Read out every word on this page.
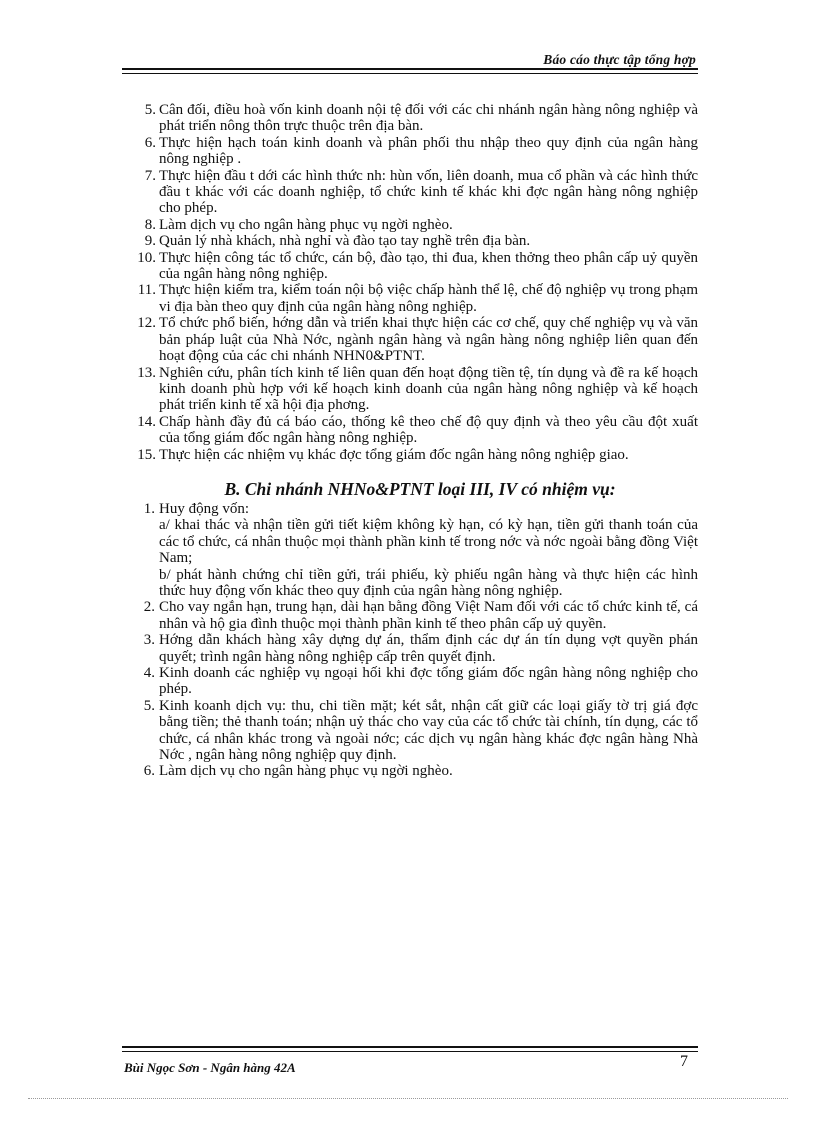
Báo cáo thực tập tổng hợp
5. Cân đối, điều hoà vốn kinh doanh nội tệ đối với các chi nhánh ngân hàng nông nghiệp và phát triển nông thôn trực thuộc trên địa bàn.
6. Thực hiện hạch toán kinh doanh và phân phối thu nhập theo quy định của ngân hàng nông nghiệp .
7. Thực hiện đầu t dới các hình thức nh: hùn vốn, liên doanh, mua cổ phần và các hình thức đầu t khác với các doanh nghiệp, tổ chức kinh tế khác khi đợc ngân hàng nông nghiệp cho phép.
8. Làm dịch vụ cho ngân hàng phục vụ ngời nghèo.
9. Quản lý nhà khách, nhà nghỉ và đào tạo tay nghề trên địa bàn.
10. Thực hiện công tác tổ chức, cán bộ, đào tạo, thi đua, khen thởng theo phân cấp uỷ quyền của ngân hàng nông nghiệp.
11. Thực hiện kiểm tra, kiểm toán nội bộ việc chấp hành thể lệ, chế độ nghiệp vụ trong phạm vi địa bàn theo quy định của ngân hàng nông nghiệp.
12. Tổ chức phổ biến, hớng dẫn và triển khai thực hiện các cơ chế, quy chế nghiệp vụ và văn bản pháp luật của Nhà Nớc, ngành ngân hàng và ngân hàng nông nghiệp liên quan đến hoạt động của các chi nhánh NHN0&PTNT.
13. Nghiên cứu, phân tích kinh tế liên quan đến hoạt động tiền tệ, tín dụng và đề ra kế hoạch kinh doanh phù hợp với kế hoạch kinh doanh của ngân hàng nông nghiệp và kế hoạch phát triển kinh tế xã hội địa phơng.
14. Chấp hành đầy đủ cá báo cáo, thống kê theo chế độ quy định và theo yêu cầu đột xuất của tổng giám đốc ngân hàng nông nghiệp.
15. Thực hiện các nhiệm vụ khác đợc tổng giám đốc ngân hàng nông nghiệp giao.
B. Chi nhánh NHNo&PTNT loại III, IV có nhiệm vụ:
1. Huy động vốn:
a/ khai thác và nhận tiền gửi tiết kiệm không kỳ hạn, có kỳ hạn, tiền gửi thanh toán của các tổ chức, cá nhân thuộc mọi thành phần kinh tế trong nớc và nớc ngoài bằng đồng Việt Nam;
b/ phát hành chứng chỉ tiền gửi, trái phiếu, kỳ phiếu ngân hàng và thực hiện các hình thức huy động vốn khác theo quy định của ngân hàng nông nghiệp.
2. Cho vay ngắn hạn, trung hạn, dài hạn bằng đồng Việt Nam đối với các tổ chức kinh tế, cá nhân và hộ gia đình thuộc mọi thành phần kinh tế theo phân cấp uỷ quyền.
3. Hớng dẫn khách hàng xây dựng dự án, thẩm định các dự án tín dụng vợt quyền phán quyết; trình ngân hàng nông nghiệp cấp trên quyết định.
4. Kinh doanh các nghiệp vụ ngoại hối khi đợc tổng giám đốc ngân hàng nông nghiệp cho phép.
5. Kinh koanh dịch vụ: thu, chi tiền mặt; két sắt, nhận cất giữ các loại giấy tờ trị giá đợc bằng tiền; thẻ thanh toán; nhận uỷ thác cho vay của các tổ chức tài chính, tín dụng, các tổ chức, cá nhân khác trong và ngoài nớc; các dịch vụ ngân hàng khác đợc ngân hàng Nhà Nớc , ngân hàng nông nghiệp quy định.
6. Làm dịch vụ cho ngân hàng phục vụ ngời nghèo.
Bùi Ngọc Sơn - Ngân hàng 42A	7
